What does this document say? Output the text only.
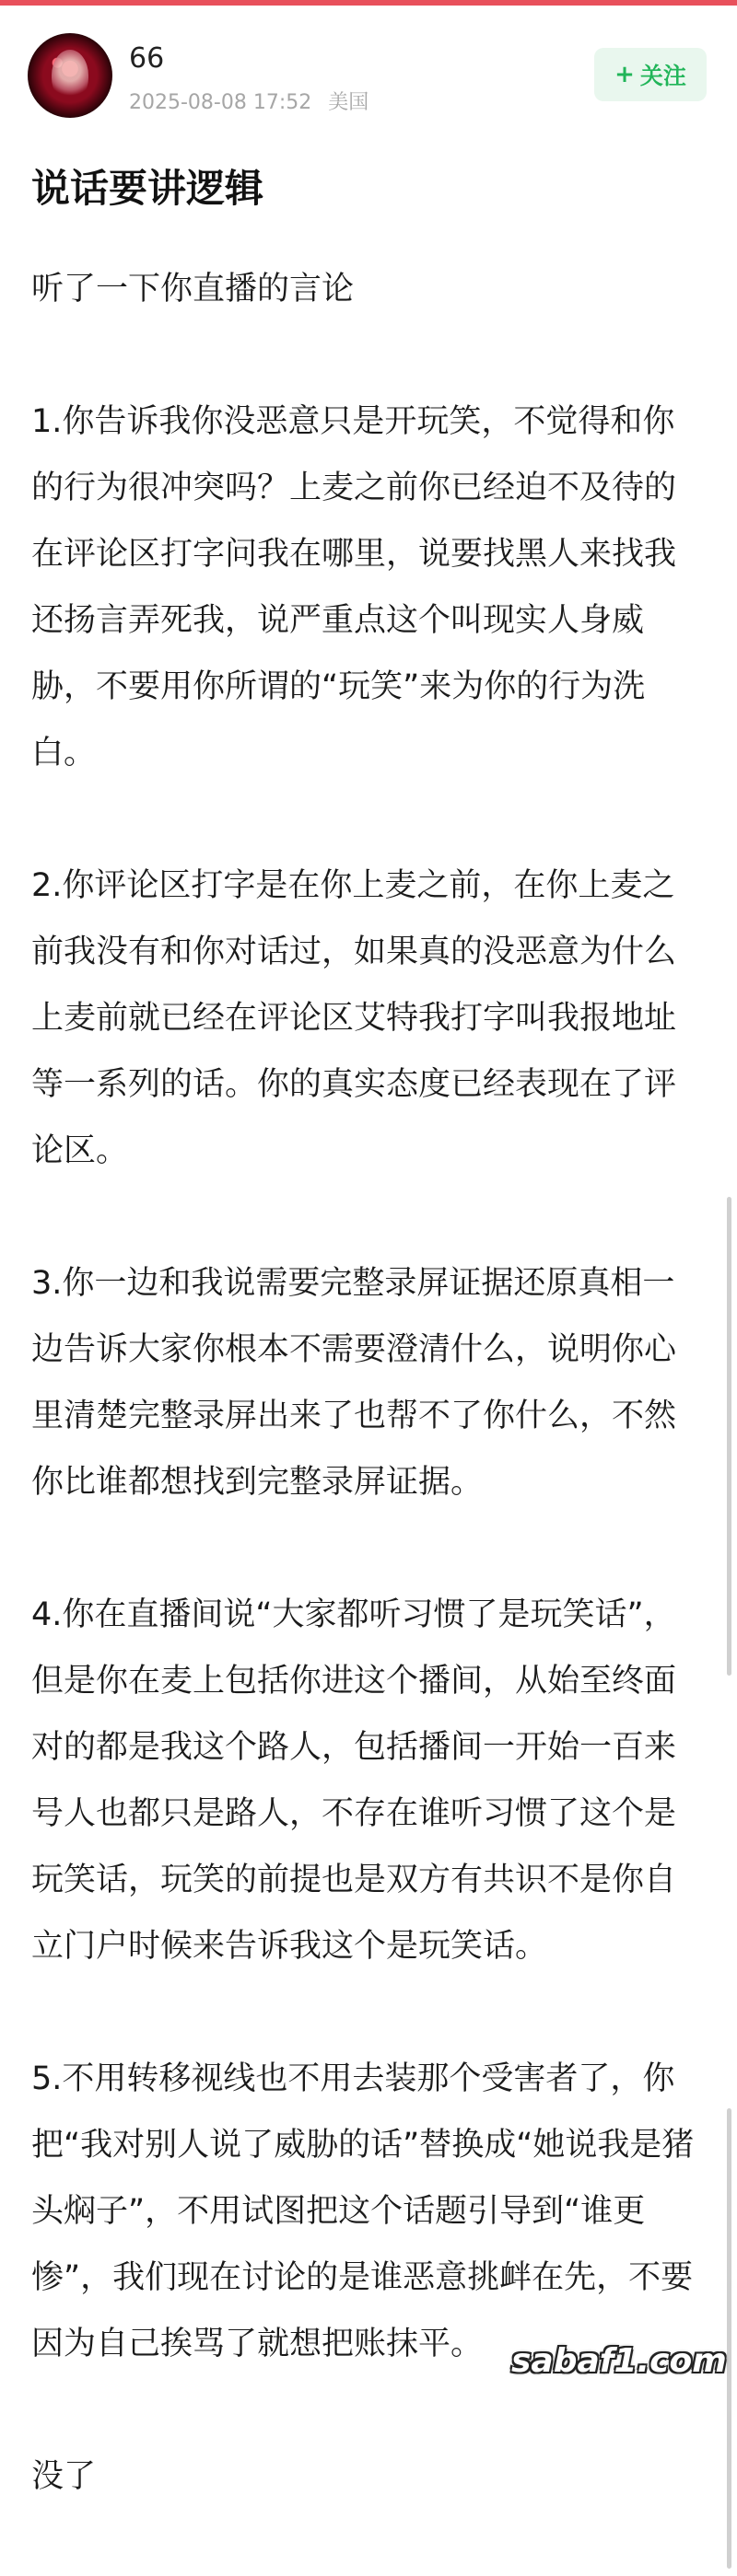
66
2025-08-08 17:52 美国
+ 关注
说话要讲逻辑

听了一下你直播的言论

1.你告诉我你没恶意只是开玩笑，不觉得和你的行为很冲突吗？上麦之前你已经迫不及待的在评论区打字问我在哪里，说要找黑人来找我还扬言弄死我，说严重点这个叫现实人身威胁，不要用你所谓的“玩笑”来为你的行为洗白。

2.你评论区打字是在你上麦之前，在你上麦之前我没有和你对话过，如果真的没恶意为什么上麦前就已经在评论区艾特我打字叫我报地址等一系列的话。你的真实态度已经表现在了评论区。

3.你一边和我说需要完整录屏证据还原真相一边告诉大家你根本不需要澄清什么，说明你心里清楚完整录屏出来了也帮不了你什么，不然你比谁都想找到完整录屏证据。

4.你在直播间说“大家都听习惯了是玩笑话”，但是你在麦上包括你进这个播间，从始至终面对的都是我这个路人，包括播间一开始一百来号人也都只是路人，不存在谁听习惯了这个是玩笑话，玩笑的前提也是双方有共识不是你自立门户时候来告诉我这个是玩笑话。

5.不用转移视线也不用去装那个受害者了，你把“我对别人说了威胁的话”替换成“她说我是猪头焖子”，不用试图把这个话题引导到“谁更惨”，我们现在讨论的是谁恶意挑衅在先，不要因为自己挨骂了就想把账抹平。

没了

sabaf1.com
